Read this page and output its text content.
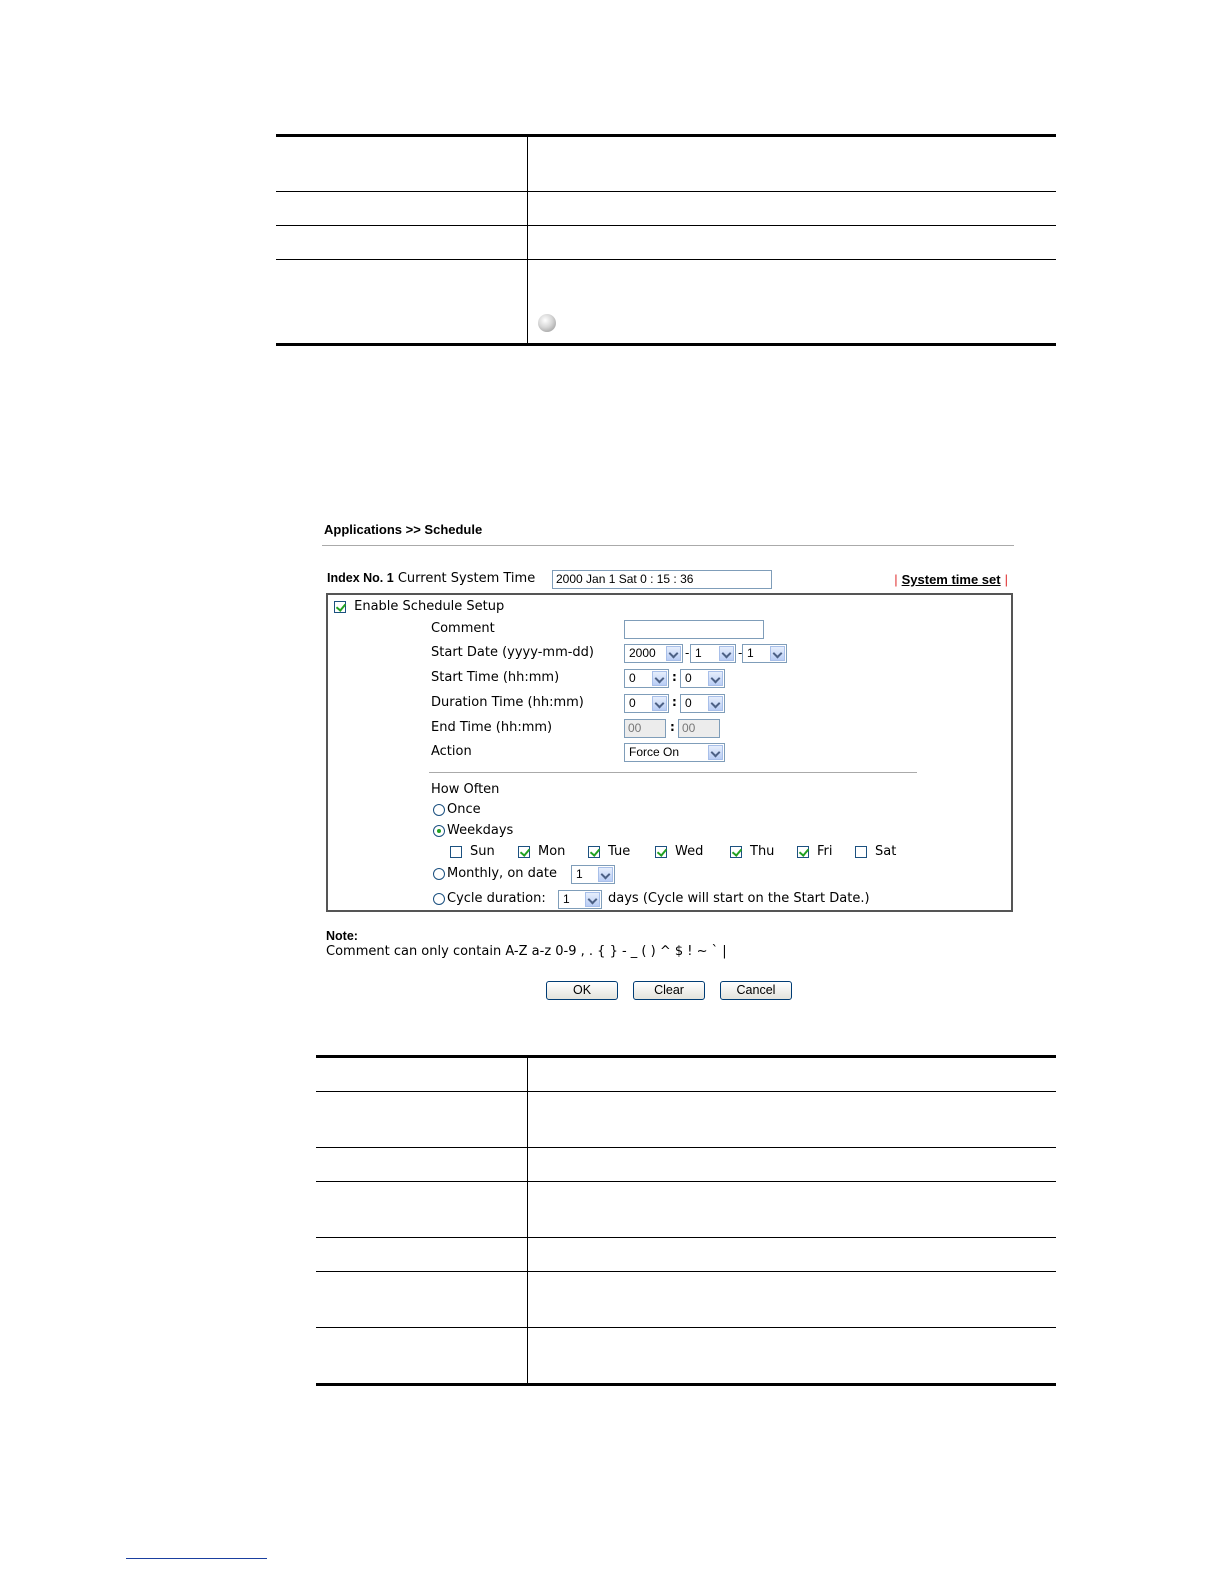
Applications >> Schedule
Index No. 1 Current System Time	2000 Jan 1 Sat 0 : 15 : 36	| System time set |
Enable Schedule Setup
Comment
Start Date (yyyy-mm-dd)	2000	- 1	- 1
Start Time (hh:mm)	0	: 0
Duration Time (hh:mm)	0	: 0
End Time (hh:mm)	00	: 00
Action	Force On
How Often
Once
Weekdays
Sun	Mon	Tue	Wed	Thu	Fri	Sat
Monthly, on date	1
Cycle duration:	1	days (Cycle will start on the Start Date.)
Note:
Comment can only contain A-Z a-z 0-9 , . { } - _ ( ) ^ $ ! ~ ` |
OK	Clear	Cancel
